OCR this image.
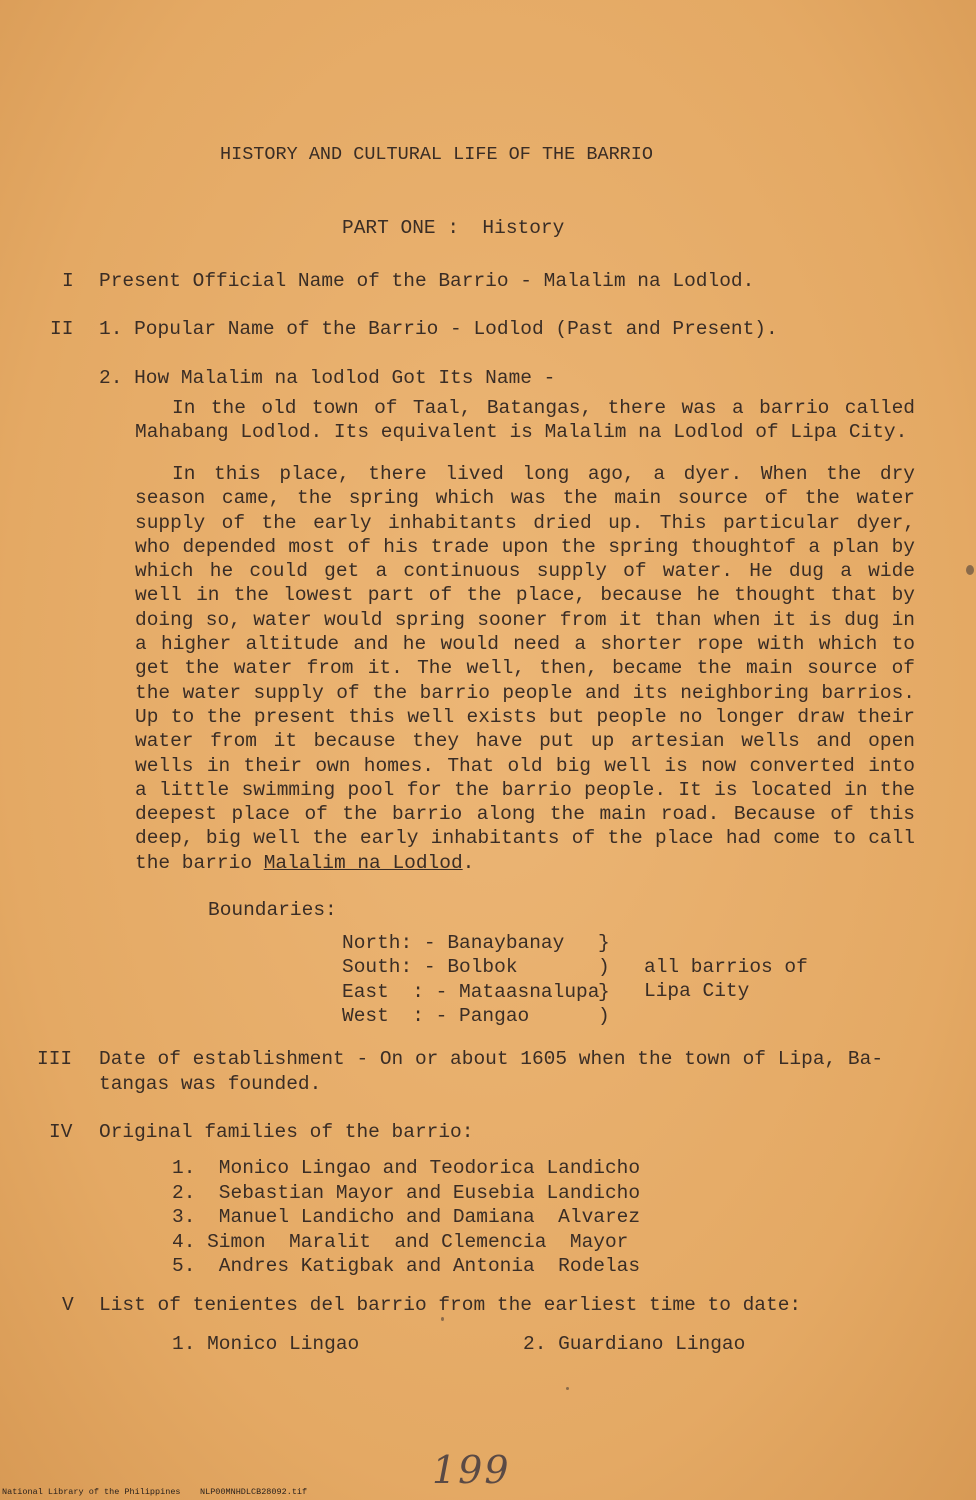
HISTORY AND CULTURAL LIFE OF THE BARRIO
PART ONE :  History
I Present Official Name of the Barrio - Malalim na Lodlod.
II 1. Popular Name of the Barrio - Lodlod (Past and Present).
2. How Malalim na lodlod Got Its Name -
In the old town of Taal, Batangas, there was a barrio called Mahabang Lodlod. Its equivalent is Malalim na Lodlod of Lipa City.
In this place, there lived long ago, a dyer. When the dry season came, the spring which was the main source of the water supply of the early inhabitants dried up. This particular dyer, who depended most of his trade upon the spring thoughtof a plan by which he could get a continuous supply of water. He dug a wide well in the lowest part of the place, because he thought that by doing so, water would spring sooner from it than when it is dug in a higher altitude and he would need a shorter rope with which to get the water from it. The well, then, became the main source of the water supply of the barrio people and its neighboring barrios. Up to the present this well exists but people no longer draw their water from it because they have put up artesian wells and open wells in their own homes. That old big well is now converted into a little swimming pool for the barrio people. It is located in the deepest place of the barrio along the main road. Because of this deep, big well the early inhabitants of the place had come to call the barrio Malalim na Lodlod.
Boundaries:
North: - Banaybanay
South: - Bolbok
East  : - Mataasnalupa
West  : - Pangao
}
)
}
)
all barrios of
Lipa City
III Date of establishment - On or about 1605 when the town of Lipa, Ba-
tangas was founded.
IV Original families of the barrio:
1.  Monico Lingao and Teodorica Landicho
2.  Sebastian Mayor and Eusebia Landicho
3.  Manuel Landicho and Damiana  Alvarez
4. Simon  Maralit  and Clemencia  Mayor
5.  Andres Katigbak and Antonia  Rodelas
V List of tenientes del barrio from the earliest time to date:
1. Monico Lingao	2. Guardiano Lingao
199
National Library of the Philippines NLP00MNHDLCB28092.tif
